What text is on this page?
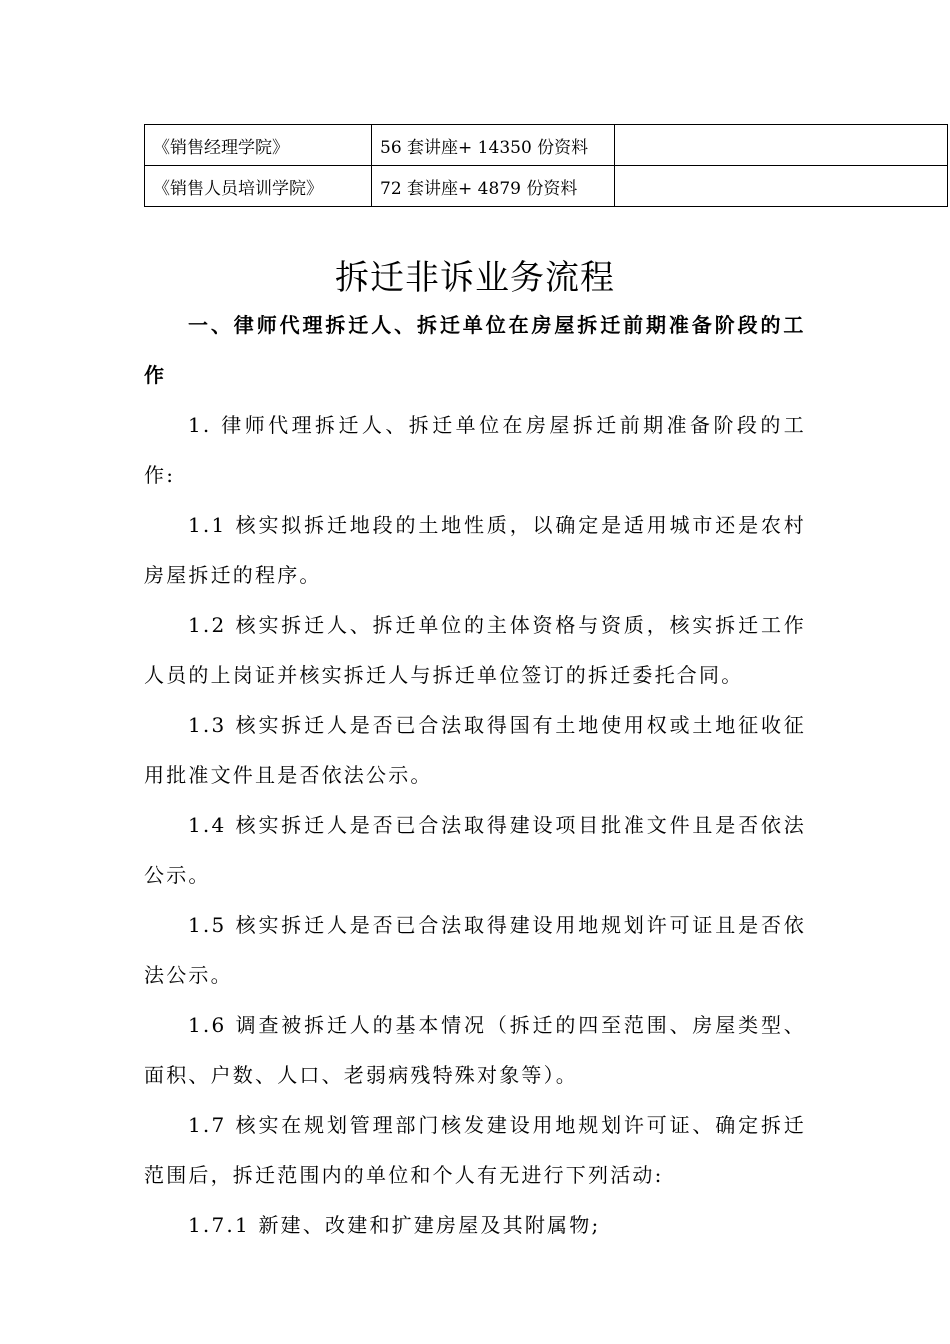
《销售经理学院》	56 套讲座+ 14350 份资料	
《销售人员培训学院》	72 套讲座+ 4879 份资料	
拆迁非诉业务流程

一、律师代理拆迁人、拆迁单位在房屋拆迁前期准备阶段的工作

1. 律师代理拆迁人、拆迁单位在房屋拆迁前期准备阶段的工作:

1.1 核实拟拆迁地段的土地性质，以确定是适用城市还是农村房屋拆迁的程序。

1.2 核实拆迁人、拆迁单位的主体资格与资质，核实拆迁工作人员的上岗证并核实拆迁人与拆迁单位签订的拆迁委托合同。

1.3 核实拆迁人是否已合法取得国有土地使用权或土地征收征用批准文件且是否依法公示。

1.4 核实拆迁人是否已合法取得建设项目批准文件且是否依法公示。

1.5 核实拆迁人是否已合法取得建设用地规划许可证且是否依法公示。

1.6 调查被拆迁人的基本情况（拆迁的四至范围、房屋类型、面积、户数、人口、老弱病残特殊对象等）。

1.7 核实在规划管理部门核发建设用地规划许可证、确定拆迁范围后，拆迁范围内的单位和个人有无进行下列活动:

1.7.1 新建、改建和扩建房屋及其附属物;
